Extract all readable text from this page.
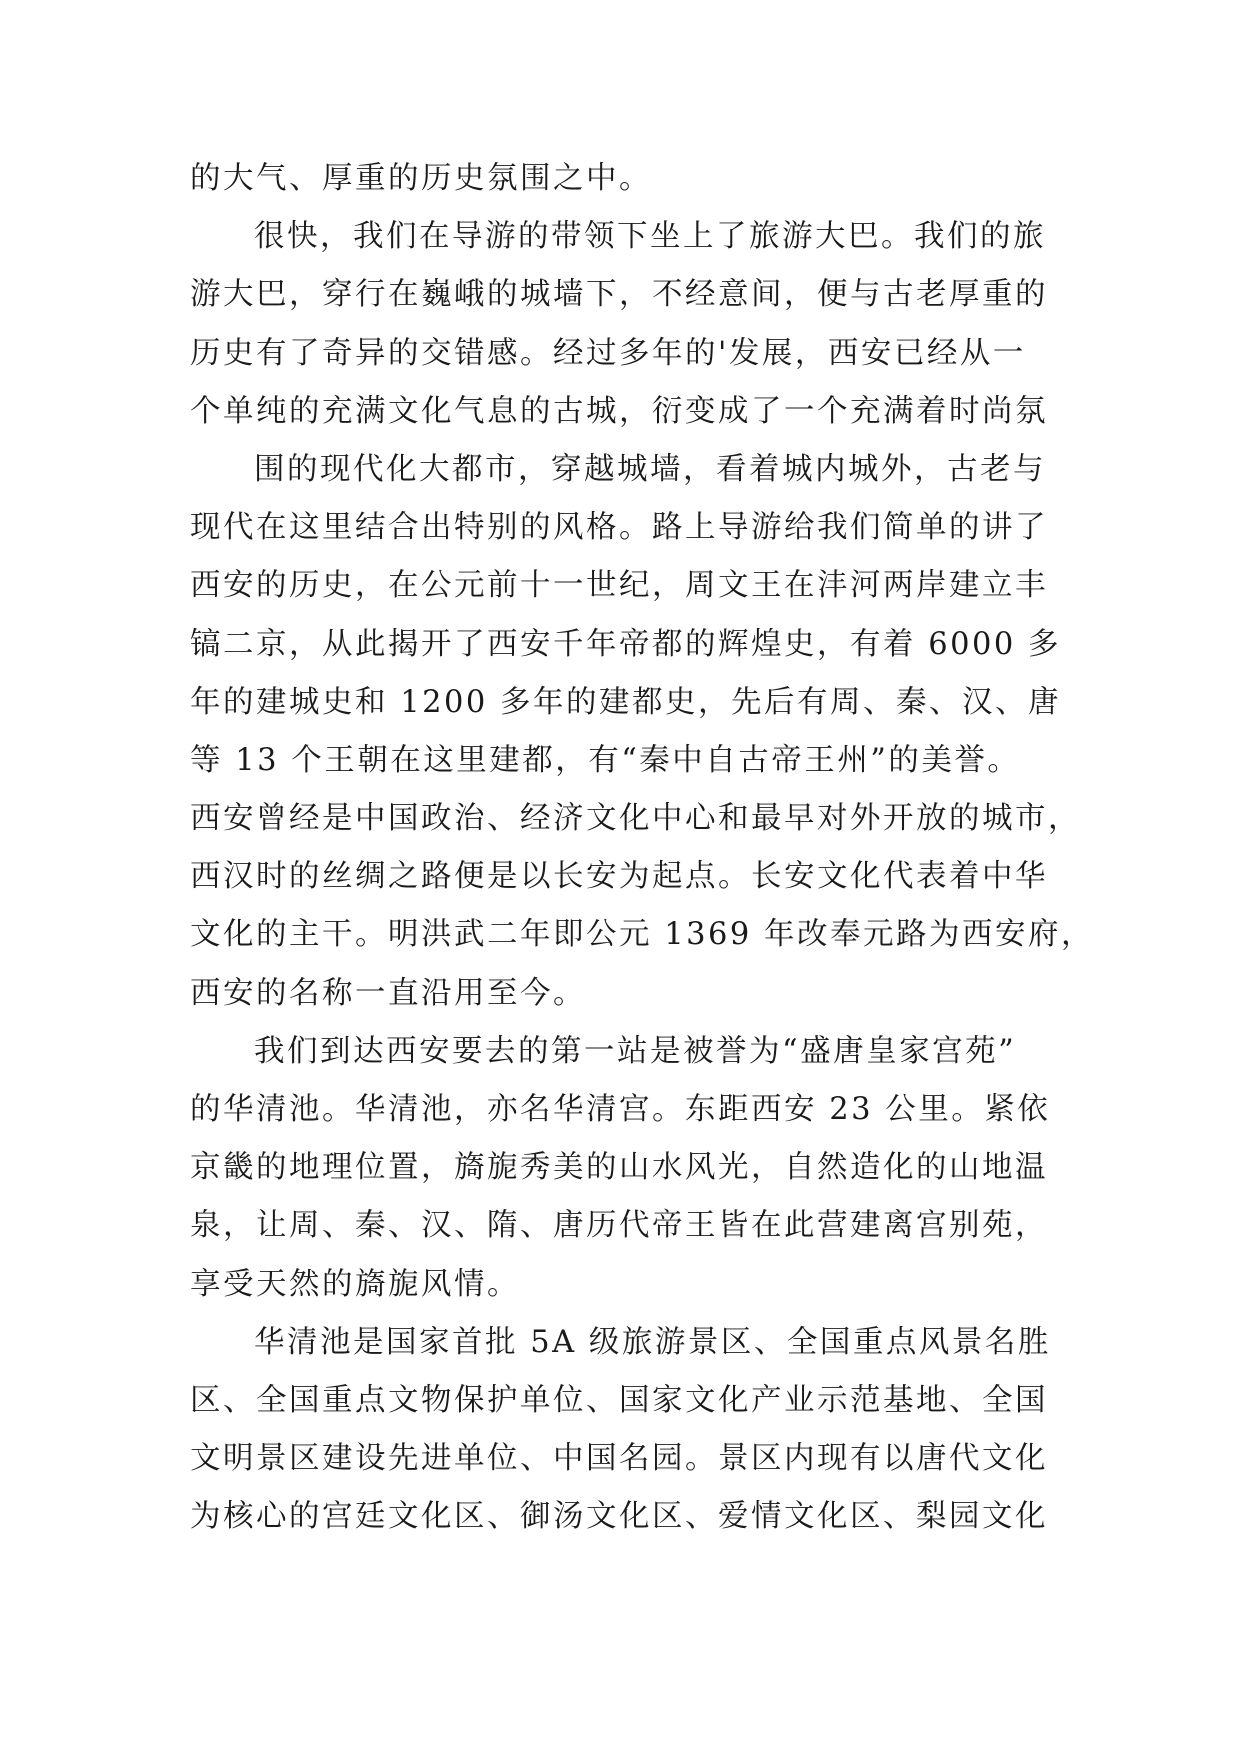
的大气、厚重的历史氛围之中。
很快，我们在导游的带领下坐上了旅游大巴。我们的旅
游大巴，穿行在巍峨的城墙下，不经意间，便与古老厚重的
历史有了奇异的交错感。经过多年的'发展，西安已经从一
个单纯的充满文化气息的古城，衍变成了一个充满着时尚氛
围的现代化大都市，穿越城墙，看着城内城外，古老与
现代在这里结合出特别的风格。路上导游给我们简单的讲了
西安的历史，在公元前十一世纪，周文王在沣河两岸建立丰
镐二京，从此揭开了西安千年帝都的辉煌史，有着 6000 多
年的建城史和 1200 多年的建都史，先后有周、秦、汉、唐
等 13 个王朝在这里建都，有“秦中自古帝王州”的美誉。
西安曾经是中国政治、经济文化中心和最早对外开放的城市，
西汉时的丝绸之路便是以长安为起点。长安文化代表着中华
文化的主干。明洪武二年即公元 1369 年改奉元路为西安府，
西安的名称一直沿用至今。
我们到达西安要去的第一站是被誉为“盛唐皇家宫苑”
的华清池。华清池，亦名华清宫。东距西安 23 公里。紧依
京畿的地理位置，旖旎秀美的山水风光，自然造化的山地温
泉，让周、秦、汉、隋、唐历代帝王皆在此营建离宫别苑，
享受天然的旖旎风情。
华清池是国家首批 5A 级旅游景区、全国重点风景名胜
区、全国重点文物保护单位、国家文化产业示范基地、全国
文明景区建设先进单位、中国名园。景区内现有以唐代文化
为核心的宫廷文化区、御汤文化区、爱情文化区、梨园文化
